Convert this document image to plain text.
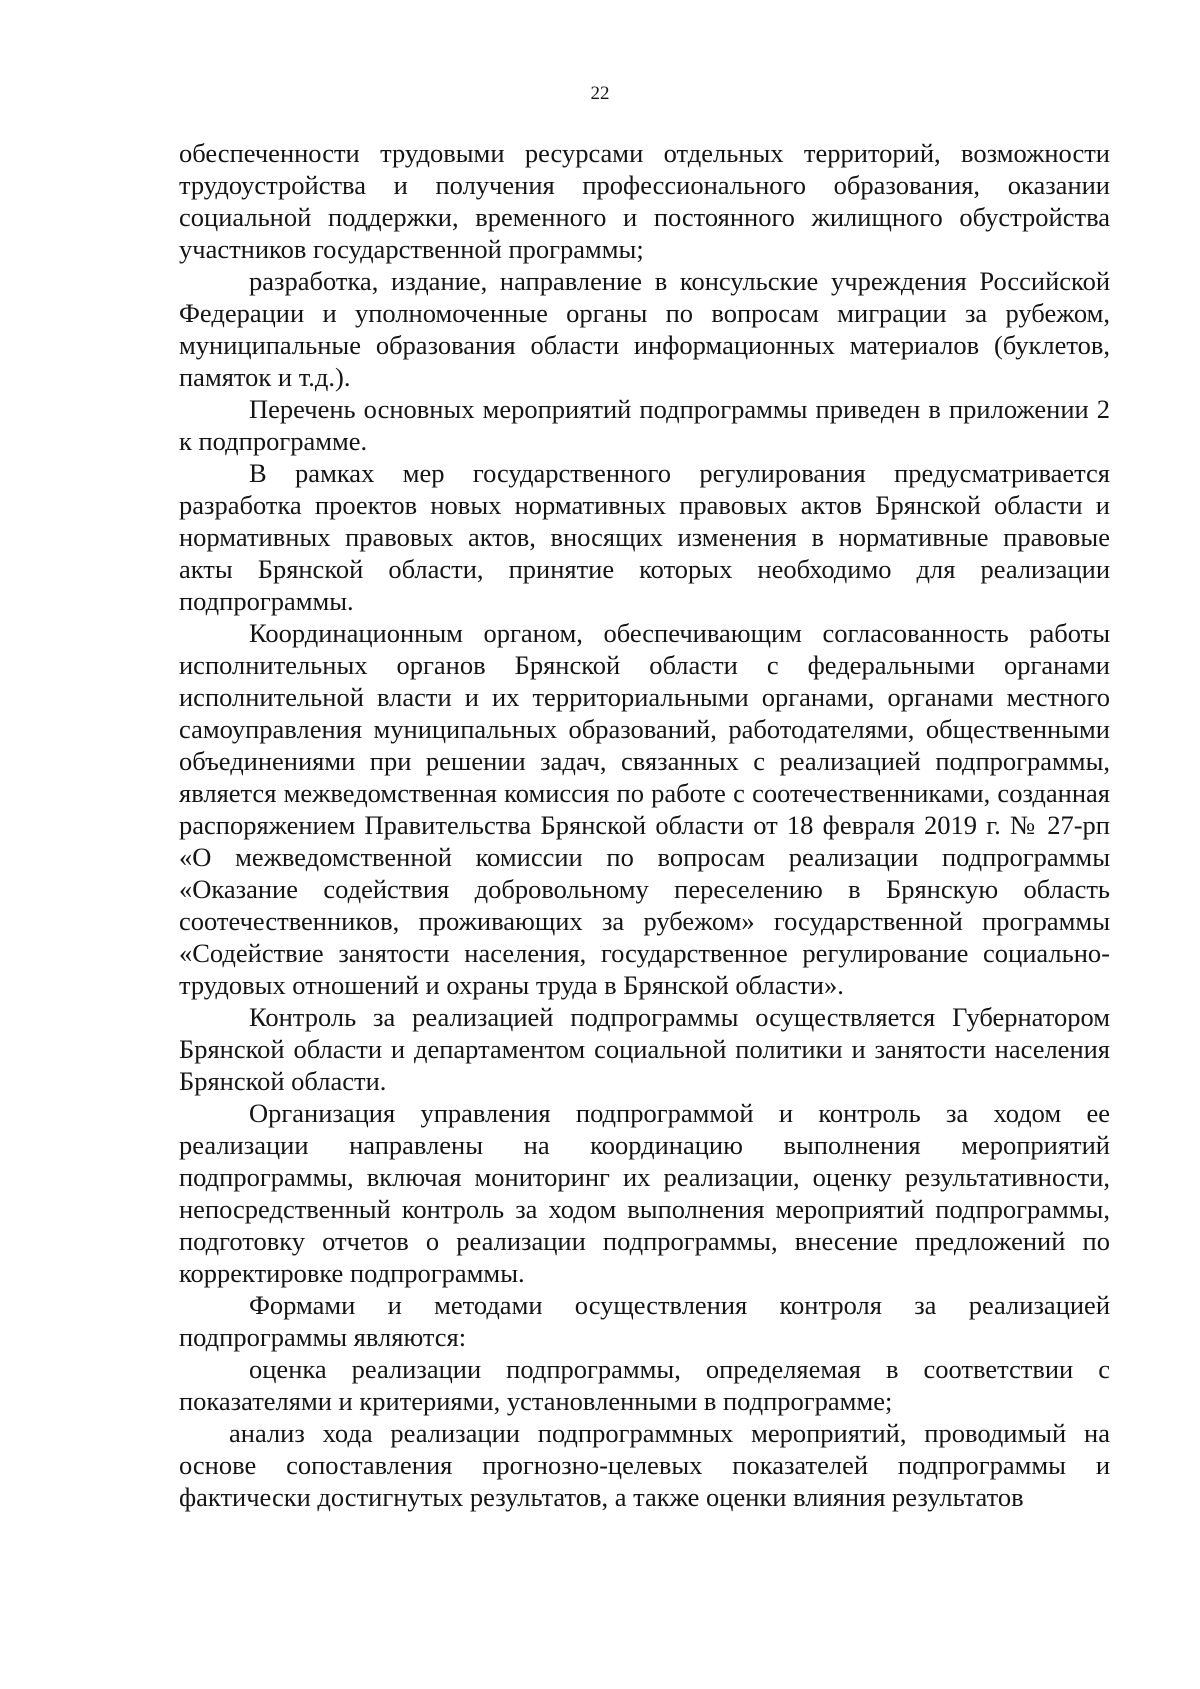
22

обеспеченности трудовыми ресурсами отдельных территорий, возможности трудоустройства и получения профессионального образования, оказании социальной поддержки, временного и постоянного жилищного обустройства участников государственной программы;

разработка, издание, направление в консульские учреждения Российской Федерации и уполномоченные органы по вопросам миграции за рубежом, муниципальные образования области информационных материалов (буклетов, памяток и т.д.).

Перечень основных мероприятий подпрограммы приведен в приложении 2 к подпрограмме.

В рамках мер государственного регулирования предусматривается разработка проектов новых нормативных правовых актов Брянской области и нормативных правовых актов, вносящих изменения в нормативные правовые акты Брянской области, принятие которых необходимо для реализации подпрограммы.

Координационным органом, обеспечивающим согласованность работы исполнительных органов Брянской области с федеральными органами исполнительной власти и их территориальными органами, органами местного самоуправления муниципальных образований, работодателями, общественными объединениями при решении задач, связанных с реализацией подпрограммы, является межведомственная комиссия по работе с соотечественниками, созданная распоряжением Правительства Брянской области от 18 февраля 2019 г. № 27-рп «О межведомственной комиссии по вопросам реализации подпрограммы «Оказание содействия добровольному переселению в Брянскую область соотечественников, проживающих за рубежом» государственной программы «Содействие занятости населения, государственное регулирование социально-трудовых отношений и охраны труда в Брянской области».

Контроль за реализацией подпрограммы осуществляется Губернатором Брянской области и департаментом социальной политики и занятости населения Брянской области.

Организация управления подпрограммой и контроль за ходом ее реализации направлены на координацию выполнения мероприятий подпрограммы, включая мониторинг их реализации, оценку результативности, непосредственный контроль за ходом выполнения мероприятий подпрограммы, подготовку отчетов о реализации подпрограммы, внесение предложений по корректировке подпрограммы.

Формами и методами осуществления контроля за реализацией подпрограммы являются:

оценка реализации подпрограммы, определяемая в соответствии с показателями и критериями, установленными в подпрограмме;

анализ хода реализации подпрограммных мероприятий, проводимый на основе сопоставления прогнозно-целевых показателей подпрограммы и фактически достигнутых результатов, а также оценки влияния результатов
